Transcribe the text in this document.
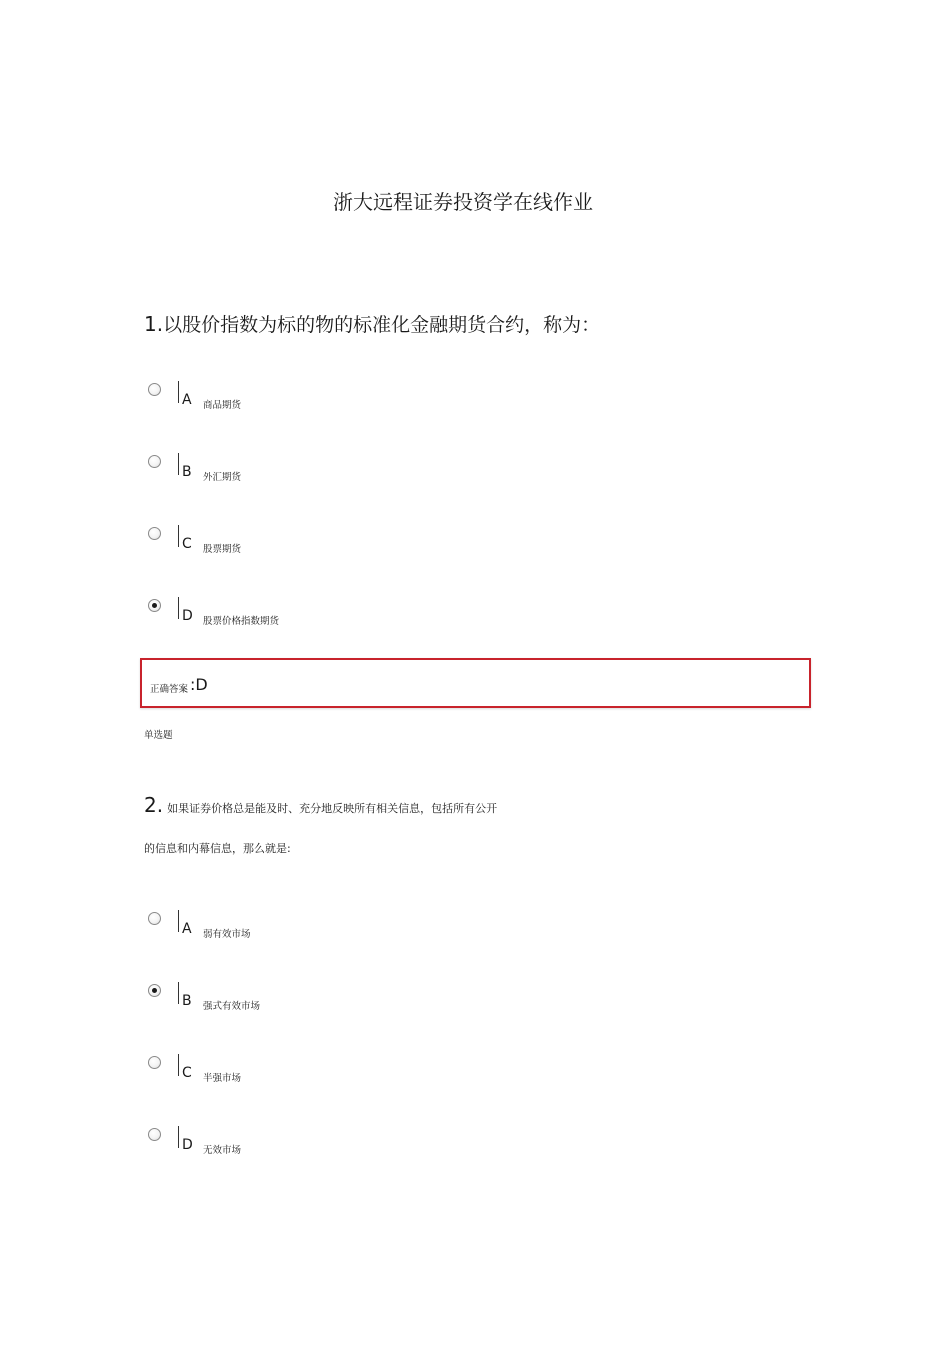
浙大远程证券投资学在线作业
1.以股价指数为标的物的标准化金融期货合约，称为：
A 商品期货
B 外汇期货
C 股票期货
D 股票价格指数期货
正确答案 :D
单选题
2. 如果证券价格总是能及时、充分地反映所有相关信息，包括所有公开
的信息和内幕信息，那么就是:
A 弱有效市场
B 强式有效市场
C 半强市场
D 无效市场
